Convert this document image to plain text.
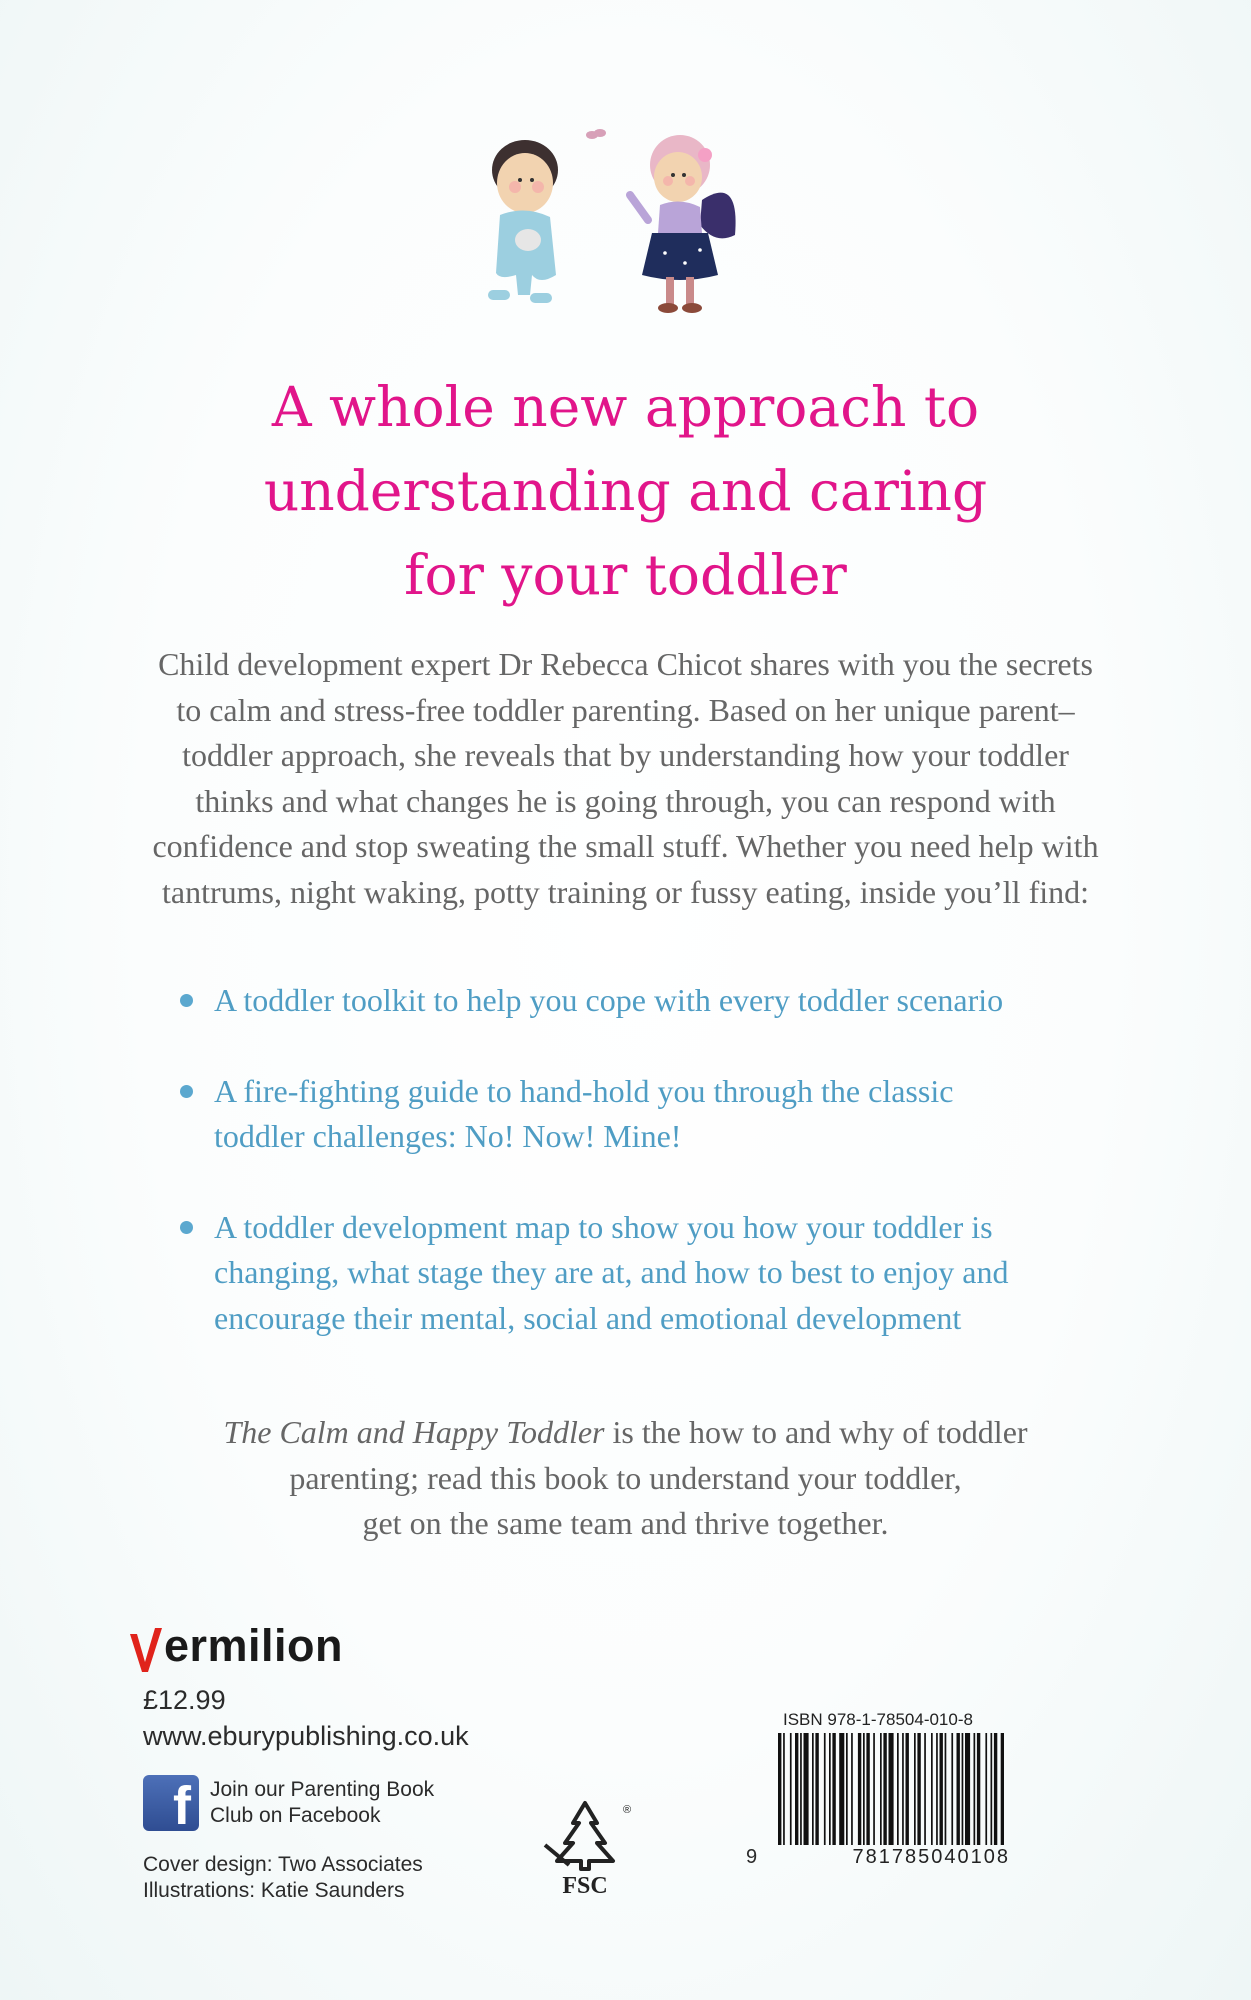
A whole new approach to
understanding and caring
for your toddler
Child development expert Dr Rebecca Chicot shares with you the secrets
to calm and stress-free toddler parenting. Based on her unique parent–
toddler approach, she reveals that by understanding how your toddler
thinks and what changes he is going through, you can respond with
confidence and stop sweating the small stuff. Whether you need help with
tantrums, night waking, potty training or fussy eating, inside you’ll find:
A toddler toolkit to help you cope with every toddler scenario
A fire-fighting guide to hand-hold you through the classic
toddler challenges: No! Now! Mine!
A toddler development map to show you how your toddler is
changing, what stage they are at, and how to best to enjoy and
encourage their mental, social and emotional development
The Calm and Happy Toddler is the how to and why of toddler
parenting; read this book to understand your toddler,
get on the same team and thrive together.
ermilion
£12.99
www.eburypublishing.co.uk
f Join our Parenting Book
Club on Facebook
Cover design: Two Associates
Illustrations: Katie Saunders
®
FSC
ISBN 978-1-78504-010-8
9	781785040108
